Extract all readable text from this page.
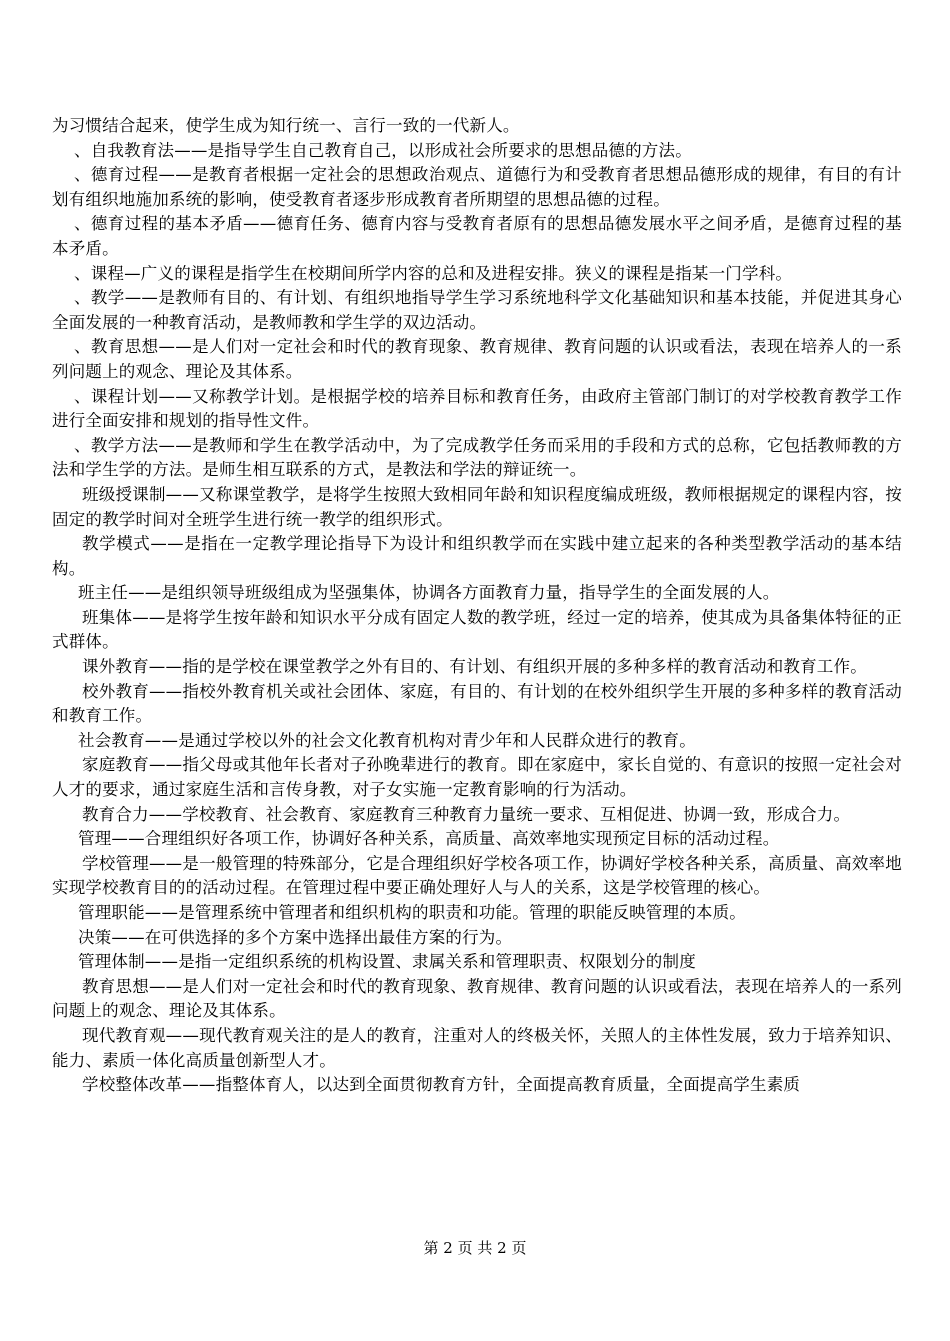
为习惯结合起来，使学生成为知行统一、言行一致的一代新人。

、自我教育法——是指导学生自己教育自己，以形成社会所要求的思想品德的方法。

、德育过程——是教育者根据一定社会的思想政治观点、道德行为和受教育者思想品德形成的规律，有目的有计划有组织地施加系统的影响，使受教育者逐步形成教育者所期望的思想品德的过程。

、德育过程的基本矛盾——德育任务、德育内容与受教育者原有的思想品德发展水平之间矛盾，是德育过程的基本矛盾。

、课程—广义的课程是指学生在校期间所学内容的总和及进程安排。狭义的课程是指某一门学科。

、教学——是教师有目的、有计划、有组织地指导学生学习系统地科学文化基础知识和基本技能，并促进其身心全面发展的一种教育活动，是教师教和学生学的双边活动。

、教育思想——是人们对一定社会和时代的教育现象、教育规律、教育问题的认识或看法，表现在培养人的一系列问题上的观念、理论及其体系。

、课程计划——又称教学计划。是根据学校的培养目标和教育任务，由政府主管部门制订的对学校教育教学工作进行全面安排和规划的指导性文件。

、教学方法——是教师和学生在教学活动中，为了完成教学任务而采用的手段和方式的总称，它包括教师教的方法和学生学的方法。是师生相互联系的方式，是教法和学法的辩证统一。

班级授课制——又称课堂教学，是将学生按照大致相同年龄和知识程度编成班级，教师根据规定的课程内容，按固定的教学时间对全班学生进行统一教学的组织形式。

教学模式——是指在一定教学理论指导下为设计和组织教学而在实践中建立起来的各种类型教学活动的基本结构。

班主任——是组织领导班级组成为坚强集体，协调各方面教育力量，指导学生的全面发展的人。

班集体——是将学生按年龄和知识水平分成有固定人数的教学班，经过一定的培养，使其成为具备集体特征的正式群体。

课外教育——指的是学校在课堂教学之外有目的、有计划、有组织开展的多种多样的教育活动和教育工作。

校外教育——指校外教育机关或社会团体、家庭，有目的、有计划的在校外组织学生开展的多种多样的教育活动和教育工作。

社会教育——是通过学校以外的社会文化教育机构对青少年和人民群众进行的教育。

家庭教育——指父母或其他年长者对子孙晚辈进行的教育。即在家庭中，家长自觉的、有意识的按照一定社会对人才的要求，通过家庭生活和言传身教，对子女实施一定教育影响的行为活动。

教育合力——学校教育、社会教育、家庭教育三种教育力量统一要求、互相促进、协调一致，形成合力。

管理——合理组织好各项工作，协调好各种关系，高质量、高效率地实现预定目标的活动过程。

学校管理——是一般管理的特殊部分，它是合理组织好学校各项工作，协调好学校各种关系，高质量、高效率地实现学校教育目的的活动过程。在管理过程中要正确处理好人与人的关系，这是学校管理的核心。

管理职能——是管理系统中管理者和组织机构的职责和功能。管理的职能反映管理的本质。

决策——在可供选择的多个方案中选择出最佳方案的行为。

管理体制——是指一定组织系统的机构设置、隶属关系和管理职责、权限划分的制度

教育思想——是人们对一定社会和时代的教育现象、教育规律、教育问题的认识或看法，表现在培养人的一系列问题上的观念、理论及其体系。

现代教育观——现代教育观关注的是人的教育，注重对人的终极关怀，关照人的主体性发展，致力于培养知识、能力、素质一体化高质量创新型人才。

学校整体改革——指整体育人，以达到全面贯彻教育方针，全面提高教育质量，全面提高学生素质

第 2 页 共 2 页
